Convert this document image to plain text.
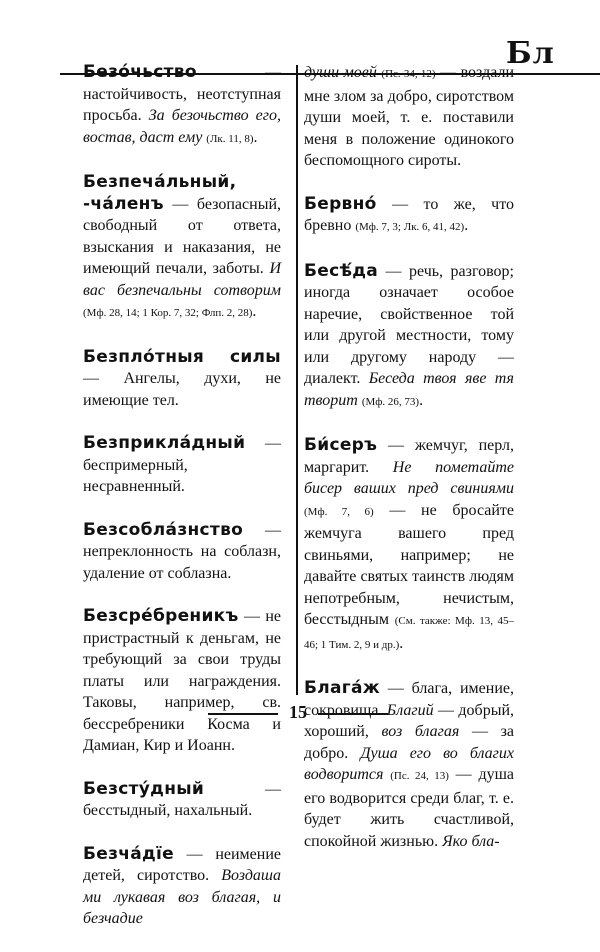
Бл

Безо́чьство — настойчивость, неотступная просьба. За безочьство его, востав, даст ему (Лк. 11, 8).

Безпеча́льный, -ча́ленъ — безопасный, свободный от ответа, взыскания и наказания, не имеющий печали, заботы. И вас безпечальны сотворим (Мф. 28, 14; 1 Кор. 7, 32; Флп. 2, 28).

Безпло́тныя силы — Ангелы, духи, не имеющие тел.

Безприкла́дный — беспримерный, несравненный.

Безсобла́знство — непреклонность на соблазн, удаление от соблазна.

Безсре́бреникъ — не пристрастный к деньгам, не требующий за свои труды платы или награждения. Таковы, например, св. бессребреники Косма и Дамиан, Кир и Иоанн.

Безсту́дный — бесстыдный, нахальный.

Безча́дїе — неимение детей, сиротство. Воздаша ми лукавая воз благая, и безчадие

души моей (Пс. 34, 12) — воздали мне злом за добро, сиротством души моей, т. е. поставили меня в положение одинокого беспомощного сироты.

Бервно́ — то же, что бревно (Мф. 7, 3; Лк. 6, 41, 42).

Бесѣ́да — речь, разговор; иногда означает особое наречие, свойственное той или другой местности, тому или другому народу — диалект. Беседа твоя яве тя творит (Мф. 26, 73).

Би́серъ — жемчуг, перл, маргарит. Не пометайте бисер ваших пред свиниями (Мф. 7, 6) — не бросайте жемчуга вашего пред свиньями, например; не давайте святых таинств людям непотребным, нечистым, бесстыдным (См. также: Мф. 13, 45–46; 1 Тим. 2, 9 и др.).

Блага́ж — блага, имение, сокровища. Благий — добрый, хороший, воз благая — за добро. Душа его во благих водворится (Пс. 24, 13) — душа его водворится среди благ, т. е. будет жить счастливой, спокойной жизнью. Яко бла-

15
